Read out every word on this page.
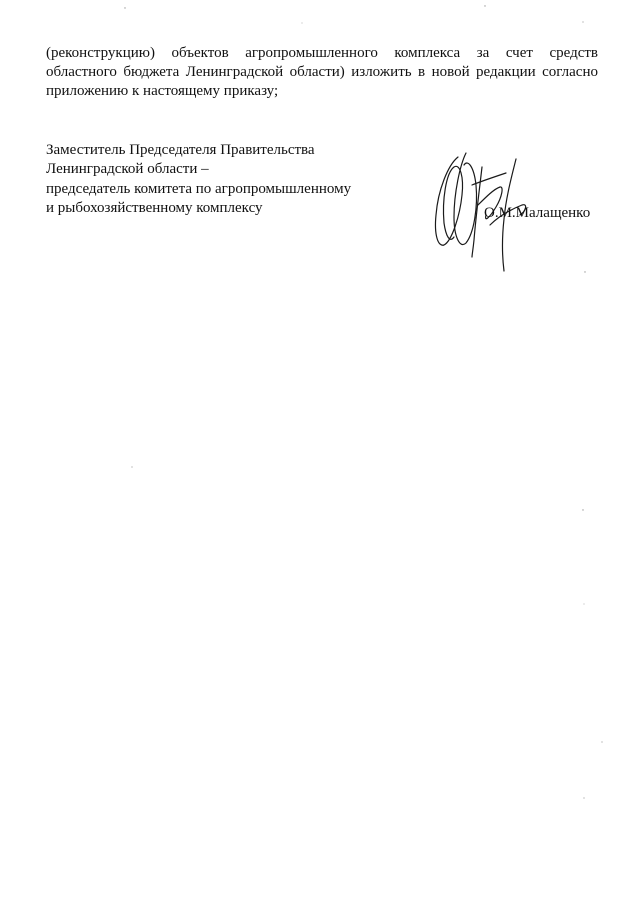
(реконструкцию) объектов агропромышленного комплекса за счет средств
областного бюджета Ленинградской области) изложить в новой редакции согласно
приложению к настоящему приказу;
Заместитель Председателя Правительства
Ленинградской области –
председатель комитета по агропромышленному
и рыбохозяйственному комплексу	О.М.Малащенко
